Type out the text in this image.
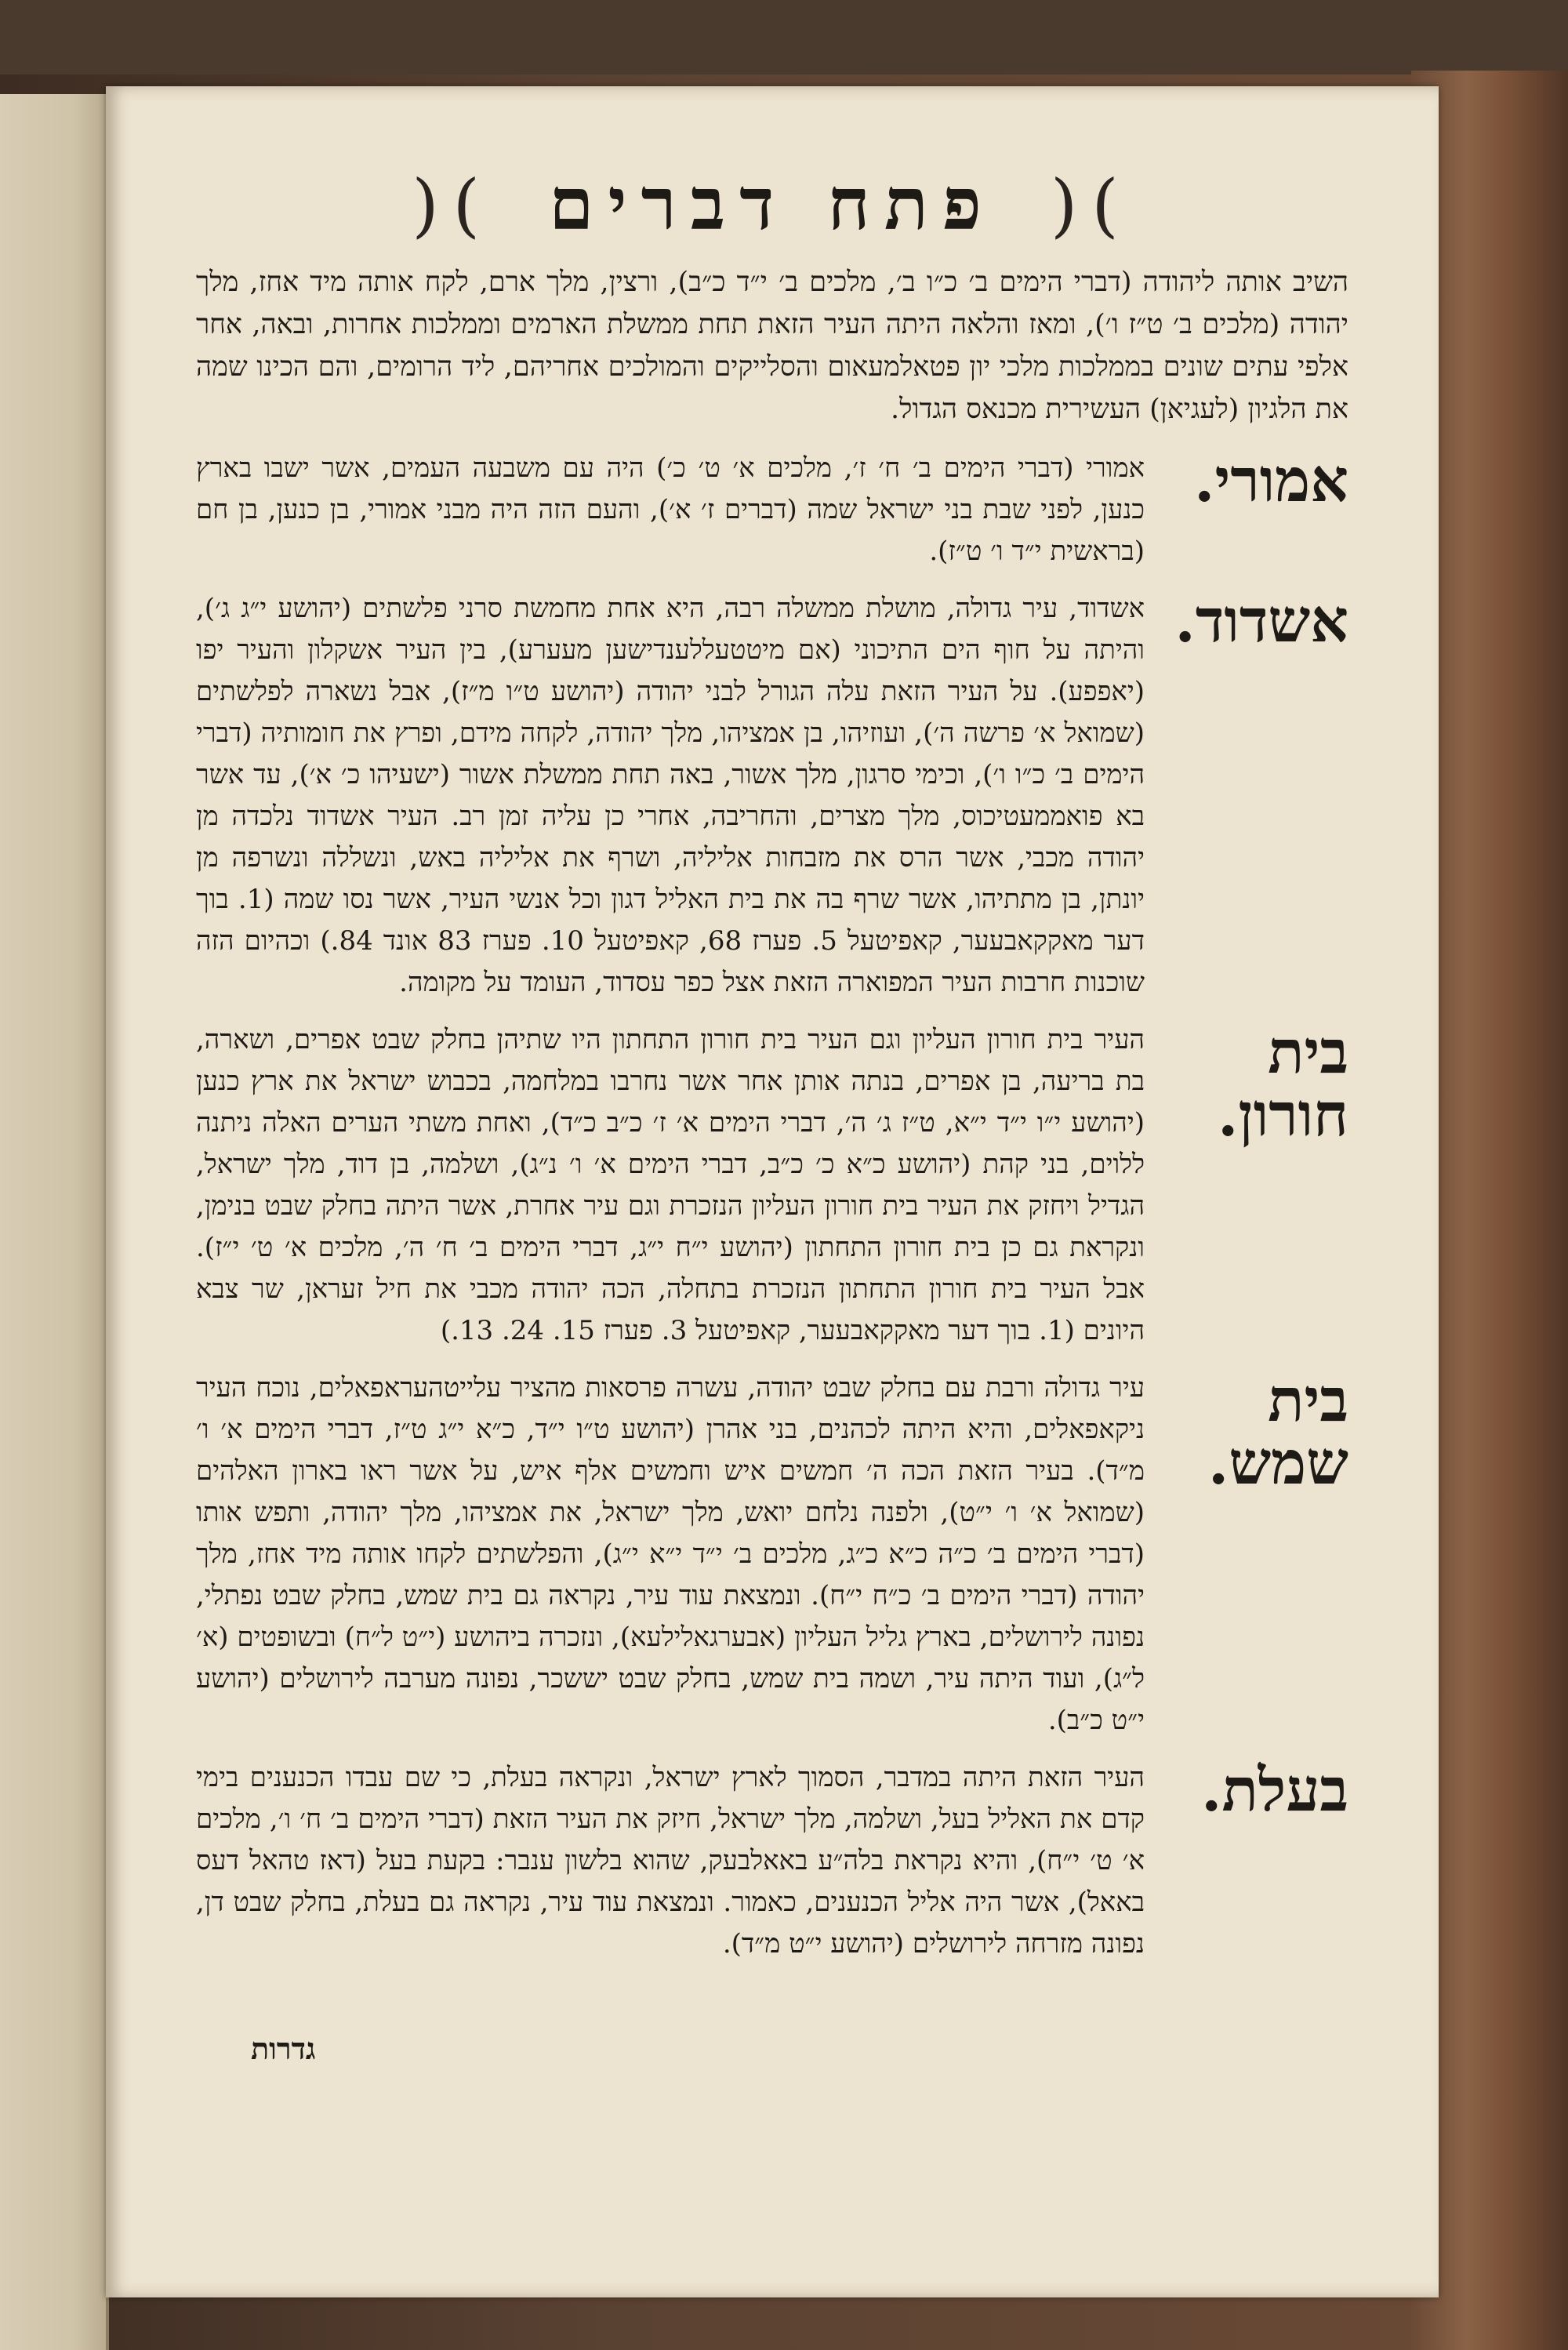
)( פתח דברים )(

השיב אותה ליהודה (דברי הימים ב׳ כ״ו ב׳, מלכים ב׳ י״ד כ״ב), ורצין, מלך ארם, לקח אותה מיד אחז, מלך יהודה (מלכים ב׳ ט״ז ו׳), ומאז והלאה היתה העיר הזאת תחת ממשלת הארמים וממלכות אחרות, ובאה, אחר אלפי עתים שונים בממלכות מלכי יון פטאלמעאום והסלייקים והמולכים אחריהם, ליד הרומים, והם הכינו שמה את הלגיון (לעגיאן) העשירית מכנאס הגדול.

אמורי.
אמורי (דברי הימים ב׳ ח׳ ז׳, מלכים א׳ ט׳ כ׳) היה עם משבעה העמים, אשר ישבו בארץ כנען, לפני שבת בני ישראל שמה (דברים ז׳ א׳), והעם הזה היה מבני אמורי, בן כנען, בן חם (בראשית י״ד ו׳ ט״ז).
אשדוד.
אשדוד, עיר גדולה, מושלת ממשלה רבה, היא אחת מחמשת סרני פלשתים (יהושע י״ג ג׳), והיתה על חוף הים התיכוני (אם מיטטעללענדישען מעערע), בין העיר אשקלון והעיר יפו (יאפפע). על העיר הזאת עלה הגורל לבני יהודה (יהושע ט״ו מ״ז), אבל נשארה לפלשתים (שמואל א׳ פרשה ה׳), ועוזיהו, בן אמציהו, מלך יהודה, לקחה מידם, ופרץ את חומותיה (דברי הימים ב׳ כ״ו ו׳), וכימי סרגון, מלך אשור, באה תחת ממשלת אשור (ישעיהו כ׳ א׳), עד אשר בא פואממעטיכוס, מלך מצרים, והחריבה, אחרי כן עליה זמן רב. העיר אשדוד נלכדה מן יהודה מכבי, אשר הרס את מזבחות אליליה, ושרף את אליליה באש, ונשללה ונשרפה מן יונתן, בן מתתיהו, אשר שרף בה את בית האליל דגון וכל אנשי העיר, אשר נסו שמה (1. בוך דער מאקקאבעער, קאפיטעל 5. פערז 68, קאפיטעל 10. פערז 83 אונד 84.) וכהיום הזה שוכנות חרבות העיר המפוארה הזאת אצל כפר עסדוד, העומד על מקומה.
בית חורון.
העיר בית חורון העליון וגם העיר בית חורון התחתון היו שתיהן בחלק שבט אפרים, ושארה, בת בריעה, בן אפרים, בנתה אותן אחר אשר נחרבו במלחמה, בכבוש ישראל את ארץ כנען (יהושע י״ו י״ד י״א, ט״ז ג׳ ה׳, דברי הימים א׳ ז׳ כ״ב כ״ד), ואחת משתי הערים האלה ניתנה ללוים, בני קהת (יהושע כ״א כ׳ כ״ב, דברי הימים א׳ ו׳ נ״ג), ושלמה, בן דוד, מלך ישראל, הגדיל ויחזק את העיר בית חורון העליון הנזכרת וגם עיר אחרת, אשר היתה בחלק שבט בנימן, ונקראת גם כן בית חורון התחתון (יהושע י״ח י״ג, דברי הימים ב׳ ח׳ ה׳, מלכים א׳ ט׳ י״ז). אבל העיר בית חורון התחתון הנזכרת בתחלה, הכה יהודה מכבי את חיל זעראן, שר צבא היונים (1. בוך דער מאקקאבעער, קאפיטעל 3. פערז 15. 24. 13.)
בית שמש.
עיר גדולה ורבת עם בחלק שבט יהודה, עשרה פרסאות מהציר עלייטהעראפאלים, נוכח העיר ניקאפאלים, והיא היתה לכהנים, בני אהרן (יהושע ט״ו י״ד, כ״א י״ג ט״ז, דברי הימים א׳ ו׳ מ״ד). בעיר הזאת הכה ה׳ חמשים איש וחמשים אלף איש, על אשר ראו בארון האלהים (שמואל א׳ ו׳ י״ט), ולפנה נלחם יואש, מלך ישראל, את אמציהו, מלך יהודה, ותפש אותו (דברי הימים ב׳ כ״ה כ״א כ״ג, מלכים ב׳ י״ד י״א י״ג), והפלשתים לקחו אותה מיד אחז, מלך יהודה (דברי הימים ב׳ כ״ח י״ח). ונמצאת עוד עיר, נקראה גם בית שמש, בחלק שבט נפתלי, נפונה לירושלים, בארץ גליל העליון (אבערגאלילעא), ונזכרה ביהושע (י״ט ל״ח) ובשופטים (א׳ ל״ג), ועוד היתה עיר, ושמה בית שמש, בחלק שבט יששכר, נפונה מערבה לירושלים (יהושע י״ט כ״ב).
בעלת.
העיר הזאת היתה במדבר, הסמוך לארץ ישראל, ונקראה בעלת, כי שם עבדו הכנענים בימי קדם את האליל בעל, ושלמה, מלך ישראל, חיזק את העיר הזאת (דברי הימים ב׳ ח׳ ו׳, מלכים א׳ ט׳ י״ח), והיא נקראת בלה״ע באאלבעק, שהוא בלשון ענבר: בקעת בעל (דאז טהאל דעס באאל), אשר היה אליל הכנענים, כאמור. ונמצאת עוד עיר, נקראה גם בעלת, בחלק שבט דן, נפונה מזרחה לירושלים (יהושע י״ט מ״ד).
גדרות
